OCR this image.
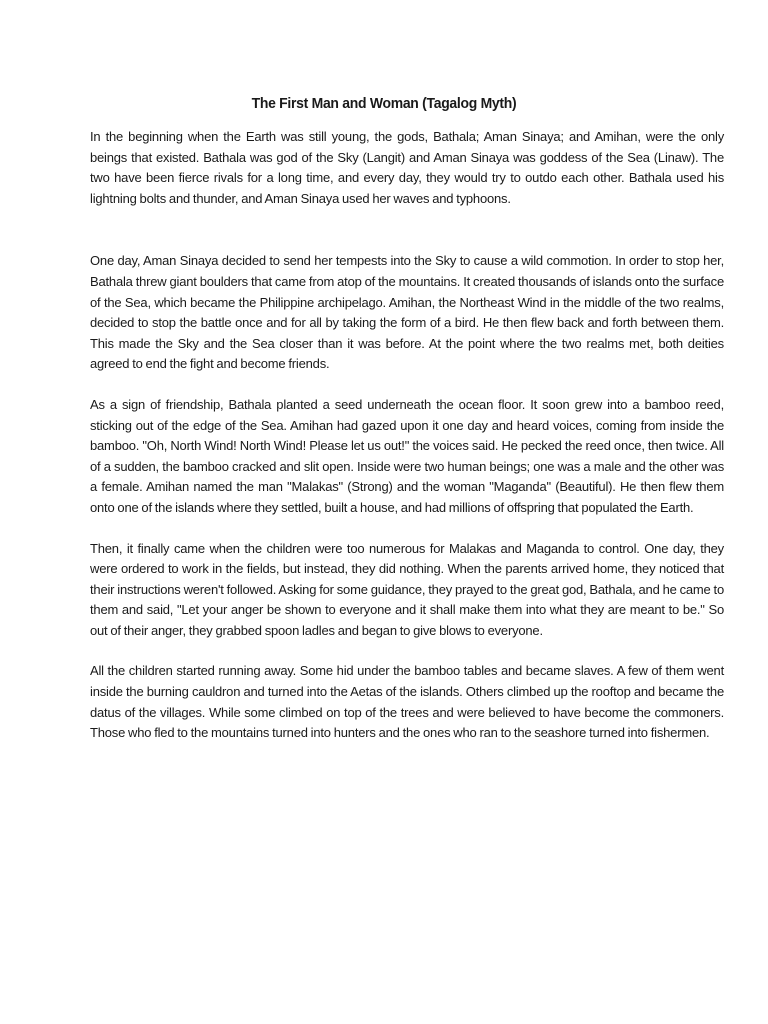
The First Man and Woman (Tagalog Myth)

In the beginning when the Earth was still young, the gods, Bathala; Aman Sinaya; and Amihan, were the only beings that existed. Bathala was god of the Sky (Langit) and Aman Sinaya was goddess of the Sea (Linaw). The two have been fierce rivals for a long time, and every day, they would try to outdo each other. Bathala used his lightning bolts and thunder, and Aman Sinaya used her waves and typhoons.

One day, Aman Sinaya decided to send her tempests into the Sky to cause a wild commotion. In order to stop her, Bathala threw giant boulders that came from atop of the mountains. It created thousands of islands onto the surface of the Sea, which became the Philippine archipelago. Amihan, the Northeast Wind in the middle of the two realms, decided to stop the battle once and for all by taking the form of a bird. He then flew back and forth between them. This made the Sky and the Sea closer than it was before. At the point where the two realms met, both deities agreed to end the fight and become friends.

As a sign of friendship, Bathala planted a seed underneath the ocean floor. It soon grew into a bamboo reed, sticking out of the edge of the Sea. Amihan had gazed upon it one day and heard voices, coming from inside the bamboo. "Oh, North Wind! North Wind! Please let us out!" the voices said. He pecked the reed once, then twice. All of a sudden, the bamboo cracked and slit open. Inside were two human beings; one was a male and the other was a female. Amihan named the man "Malakas" (Strong) and the woman "Maganda" (Beautiful). He then flew them onto one of the islands where they settled, built a house, and had millions of offspring that populated the Earth.

Then, it finally came when the children were too numerous for Malakas and Maganda to control. One day, they were ordered to work in the fields, but instead, they did nothing. When the parents arrived home, they noticed that their instructions weren't followed. Asking for some guidance, they prayed to the great god, Bathala, and he came to them and said, "Let your anger be shown to everyone and it shall make them into what they are meant to be." So out of their anger, they grabbed spoon ladles and began to give blows to everyone.

All the children started running away. Some hid under the bamboo tables and became slaves. A few of them went inside the burning cauldron and turned into the Aetas of the islands. Others climbed up the rooftop and became the datus of the villages. While some climbed on top of the trees and were believed to have become the commoners. Those who fled to the mountains turned into hunters and the ones who ran to the seashore turned into fishermen.
